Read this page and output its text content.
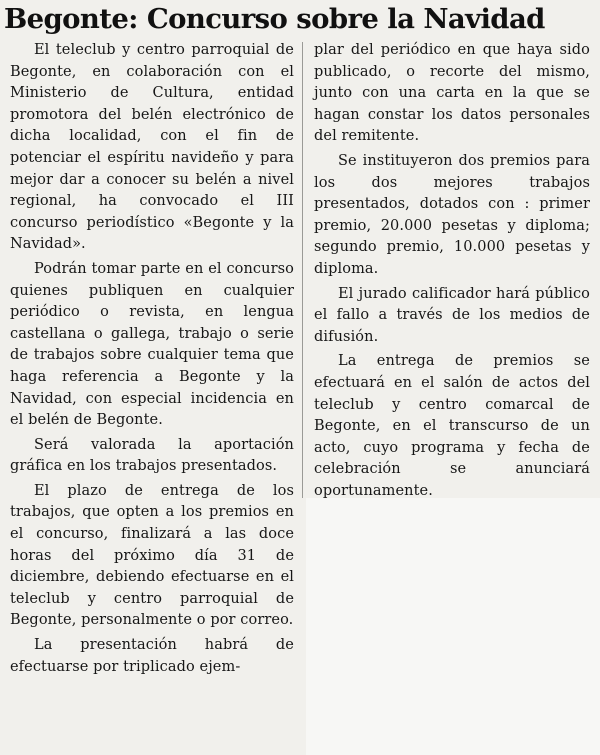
Begonte: Concurso sobre la Navidad

El teleclub y centro parroquial de Begonte, en colaboración con el Ministerio de Cultura, entidad promotora del belén electrónico de dicha localidad, con el fin de potenciar el espíritu navideño y para mejor dar a conocer su belén a nivel regional, ha convocado el III concurso periodístico «Begonte y la Navidad».

Podrán tomar parte en el concurso quienes publiquen en cualquier periódico o revista, en lengua castellana o gallega, trabajo o serie de trabajos sobre cualquier tema que haga referencia a Begonte y la Navidad, con especial incidencia en el belén de Begonte.

Será valorada la aportación gráfica en los trabajos presentados.

El plazo de entrega de los trabajos, que opten a los premios en el concurso, finalizará a las doce horas del próximo día 31 de diciembre, debiendo efectuarse en el teleclub y centro parroquial de Begonte, personalmente o por correo.

La presentación habrá de efectuarse por triplicado ejem-

plar del periódico en que haya sido publicado, o recorte del mismo, junto con una carta en la que se hagan constar los datos personales del remitente.

Se instituyeron dos premios para los dos mejores trabajos presentados, dotados con : primer premio, 20.000 pesetas y diploma; segundo premio, 10.000 pesetas y diploma.

El jurado calificador hará público el fallo a través de los medios de difusión.

La entrega de premios se efectuará en el salón de actos del teleclub y centro comarcal de Begonte, en el transcurso de un acto, cuyo programa y fecha de celebración se anunciará oportunamente.
